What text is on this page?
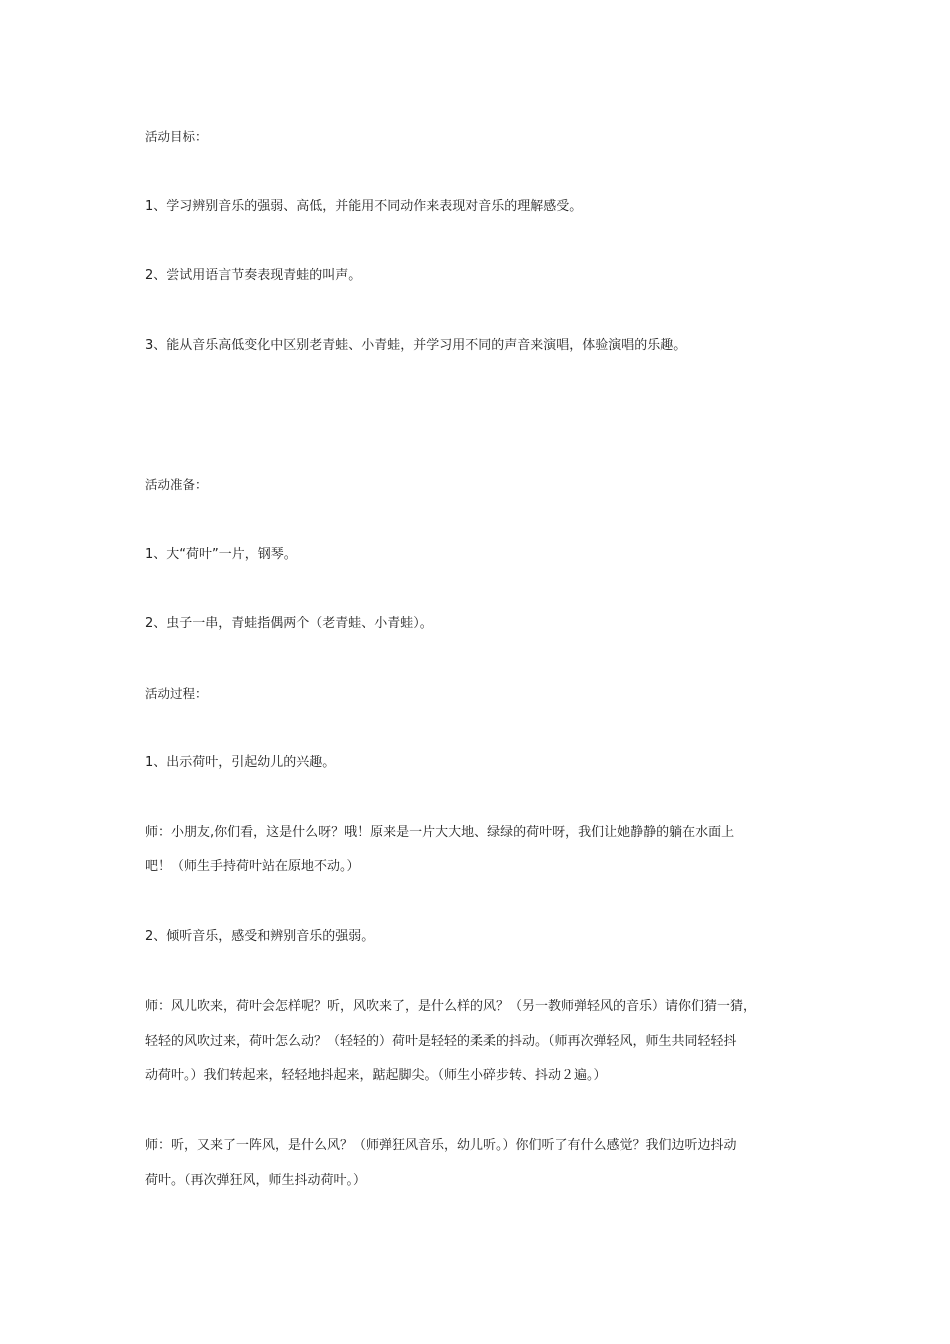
活动目标：
1、学习辨别音乐的强弱、高低，并能用不同动作来表现对音乐的理解感受。
2、尝试用语言节奏表现青蛙的叫声。
3、能从音乐高低变化中区别老青蛙、小青蛙，并学习用不同的声音来演唱，体验演唱的乐趣。
活动准备：
1、大“荷叶”一片，钢琴。
2、虫子一串，青蛙指偶两个（老青蛙、小青蛙）。
活动过程：
1、出示荷叶，引起幼儿的兴趣。
师：小朋友,你们看，这是什么呀？哦！原来是一片大大地、绿绿的荷叶呀，我们让她静静的躺在水面上
吧！（师生手持荷叶站在原地不动。）
2、倾听音乐，感受和辨别音乐的强弱。
师：风儿吹来，荷叶会怎样呢？听，风吹来了，是什么样的风？（另一教师弹轻风的音乐）请你们猜一猜，
轻轻的风吹过来，荷叶怎么动？（轻轻的）荷叶是轻轻的柔柔的抖动。（师再次弹轻风，师生共同轻轻抖
动荷叶。）我们转起来，轻轻地抖起来，踮起脚尖。（师生小碎步转、抖动２遍。）
师：听，又来了一阵风，是什么风？（师弹狂风音乐，幼儿听。）你们听了有什么感觉？我们边听边抖动
荷叶。（再次弹狂风，师生抖动荷叶。）
